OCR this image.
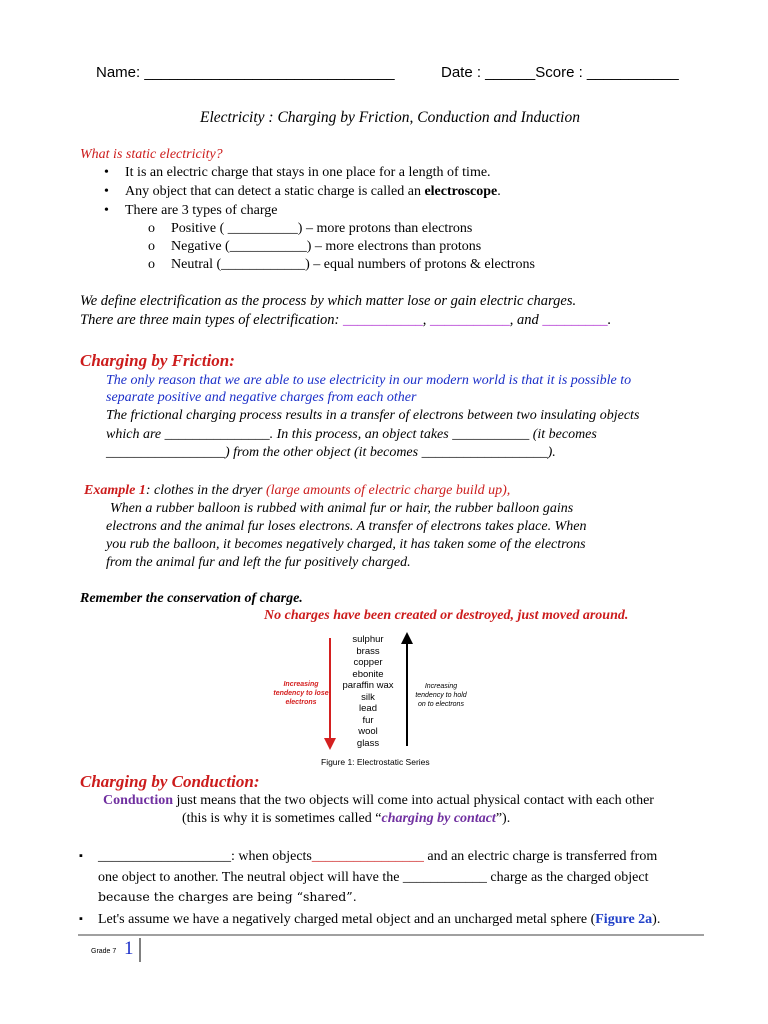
Name: ______________________________	Date : ______Score : ___________
Electricity : Charging by Friction, Conduction and Induction
What is static electricity?
• It is an electric charge that stays in one place for a length of time.
• Any object that can detect a static charge is called an electroscope.
• There are 3 types of charge
o Positive ( __________) – more protons than electrons
o Negative (___________) – more electrons than protons
o Neutral (____________) – equal numbers of protons & electrons
We define electrification as the process by which matter lose or gain electric charges.
There are three main types of electrification: ___________, ___________, and _________.
Charging by Friction:
The only reason that we are able to use electricity in our modern world is that it is possible to
separate positive and negative charges from each other
The frictional charging process results in a transfer of electrons between two insulating objects
which are _______________. In this process, an object takes ___________ (it becomes
_________________) from the other object (it becomes __________________).
Example 1: clothes in the dryer (large amounts of electric charge build up),
When a rubber balloon is rubbed with animal fur or hair, the rubber balloon gains
electrons and the animal fur loses electrons. A transfer of electrons takes place. When
you rub the balloon, it becomes negatively charged, it has taken some of the electrons
from the animal fur and left the fur positively charged.
Remember the conservation of charge.
No charges have been created or destroyed, just moved around.
sulphur
brass
copper
ebonite
paraffin wax
silk
lead
fur
wool
glass
Increasing
tendency to lose
electrons
Increasing
tendency to hold
on to electrons
Figure 1: Electrostatic Series
Charging by Conduction:
Conduction just means that the two objects will come into actual physical contact with each other
(this is why it is sometimes called “charging by contact”).
▪ ___________________: when objects________________ and an electric charge is transferred from
one object to another. The neutral object will have the ____________ charge as the charged object
because the charges are being “shared”.
▪ Let's assume we have a negatively charged metal object and an uncharged metal sphere (Figure 2a).
Grade 7 1
